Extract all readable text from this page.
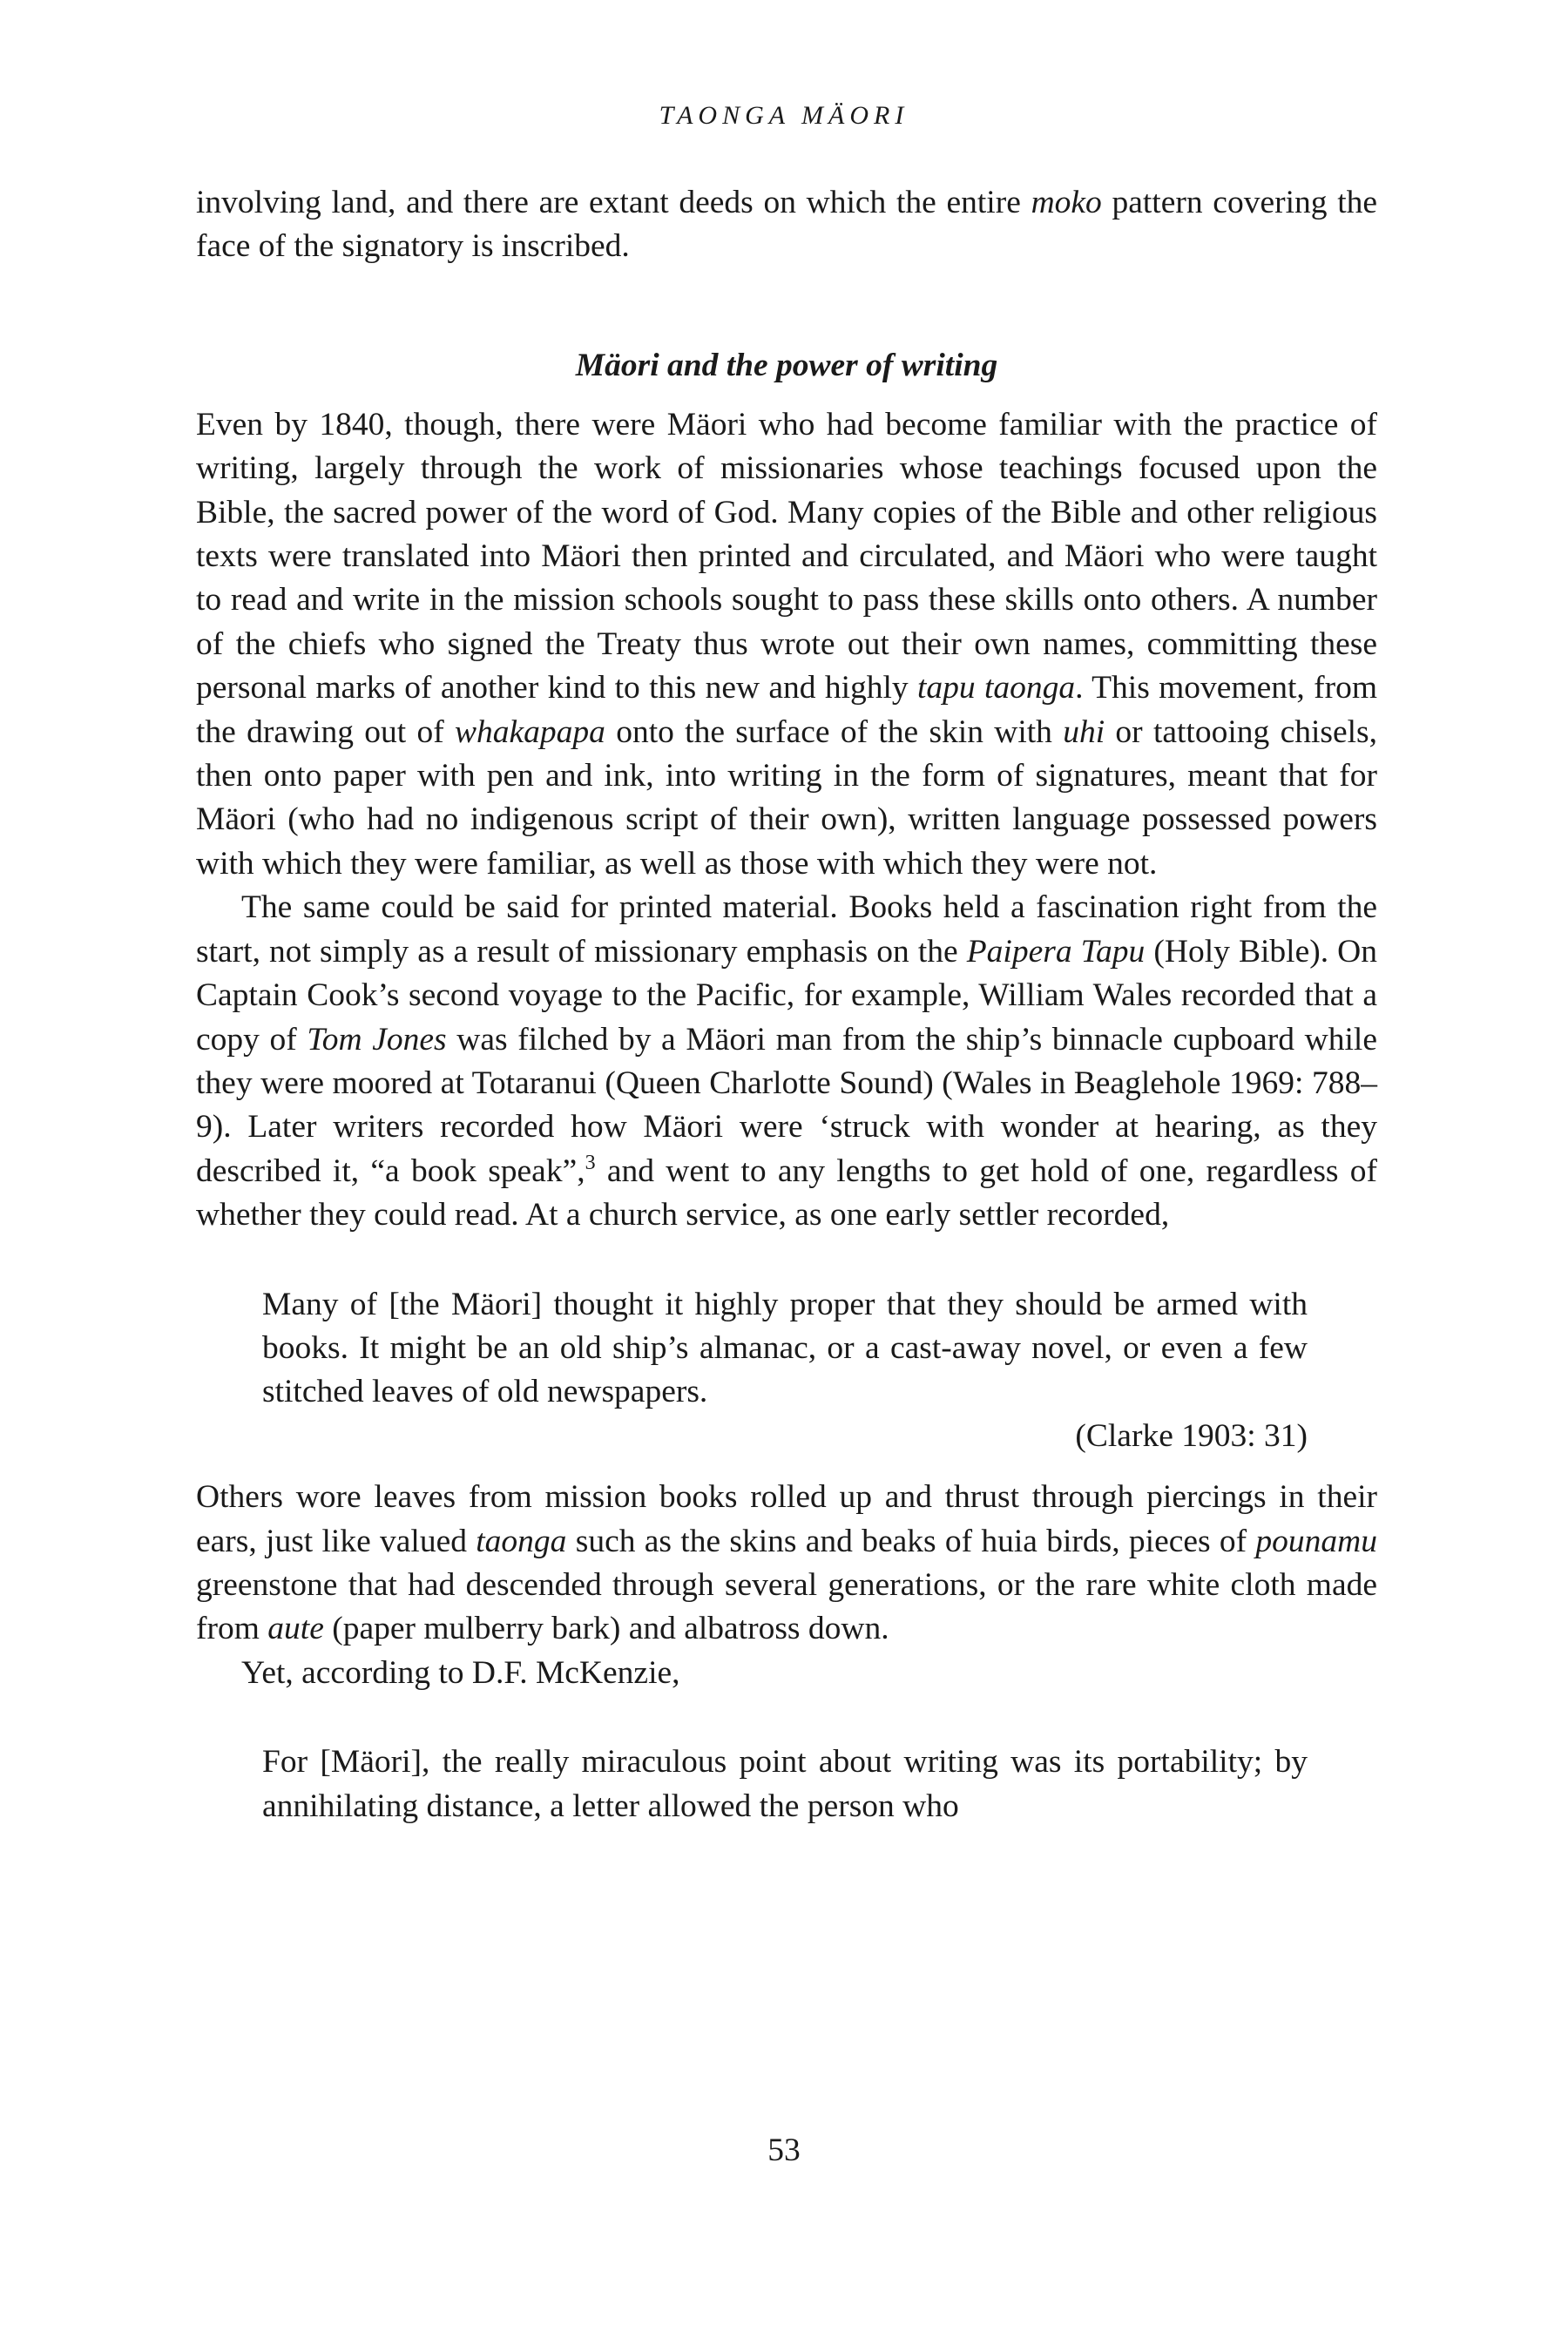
TAONGA MÄORI

involving land, and there are extant deeds on which the entire moko pattern covering the face of the signatory is inscribed.

Mäori and the power of writing

Even by 1840, though, there were Mäori who had become familiar with the practice of writing, largely through the work of missionaries whose teachings focused upon the Bible, the sacred power of the word of God. Many copies of the Bible and other religious texts were translated into Mäori then printed and circulated, and Mäori who were taught to read and write in the mission schools sought to pass these skills onto others. A number of the chiefs who signed the Treaty thus wrote out their own names, committing these personal marks of another kind to this new and highly tapu taonga. This movement, from the drawing out of whakapapa onto the surface of the skin with uhi or tattooing chisels, then onto paper with pen and ink, into writing in the form of signatures, meant that for Mäori (who had no indigenous script of their own), written language possessed powers with which they were familiar, as well as those with which they were not.

The same could be said for printed material. Books held a fascination right from the start, not simply as a result of missionary emphasis on the Paipera Tapu (Holy Bible). On Captain Cook’s second voyage to the Pacific, for example, William Wales recorded that a copy of Tom Jones was filched by a Mäori man from the ship’s binnacle cupboard while they were moored at Totaranui (Queen Charlotte Sound) (Wales in Beaglehole 1969: 788–9). Later writers recorded how Mäori were ‘struck with wonder at hearing, as they described it, “a book speak”,$^3$ and went to any lengths to get hold of one, regardless of whether they could read. At a church service, as one early settler recorded,

Many of [the Mäori] thought it highly proper that they should be armed with books. It might be an old ship’s almanac, or a cast-away novel, or even a few stitched leaves of old newspapers.

(Clarke 1903: 31)

Others wore leaves from mission books rolled up and thrust through piercings in their ears, just like valued taonga such as the skins and beaks of huia birds, pieces of pounamu greenstone that had descended through several generations, or the rare white cloth made from aute (paper mulberry bark) and albatross down.

Yet, according to D.F. McKenzie,

For [Mäori], the really miraculous point about writing was its portability; by annihilating distance, a letter allowed the person who

53
